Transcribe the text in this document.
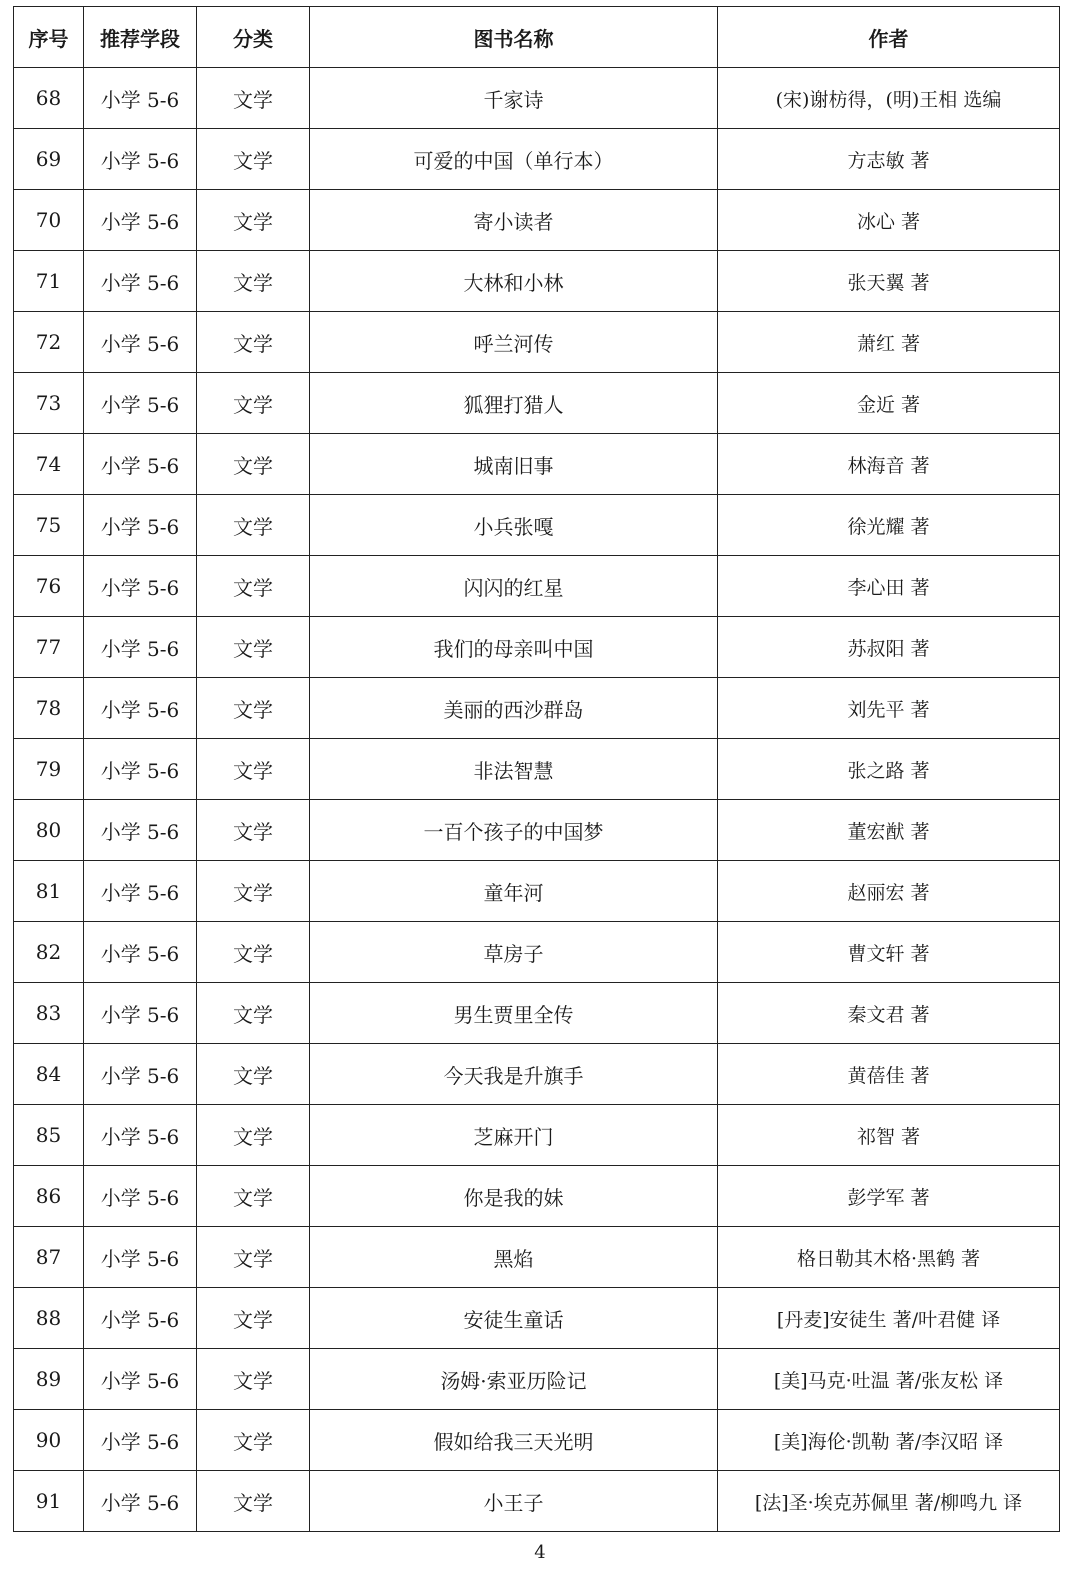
序号	推荐学段	分类	图书名称	作者
68	小学 5-6	文学	千家诗	(宋)谢枋得，(明)王相 选编
69	小学 5-6	文学	可爱的中国（单行本）	方志敏 著
70	小学 5-6	文学	寄小读者	冰心 著
71	小学 5-6	文学	大林和小林	张天翼 著
72	小学 5-6	文学	呼兰河传	萧红 著
73	小学 5-6	文学	狐狸打猎人	金近 著
74	小学 5-6	文学	城南旧事	林海音 著
75	小学 5-6	文学	小兵张嘎	徐光耀 著
76	小学 5-6	文学	闪闪的红星	李心田 著
77	小学 5-6	文学	我们的母亲叫中国	苏叔阳 著
78	小学 5-6	文学	美丽的西沙群岛	刘先平 著
79	小学 5-6	文学	非法智慧	张之路 著
80	小学 5-6	文学	一百个孩子的中国梦	董宏猷 著
81	小学 5-6	文学	童年河	赵丽宏 著
82	小学 5-6	文学	草房子	曹文轩 著
83	小学 5-6	文学	男生贾里全传	秦文君 著
84	小学 5-6	文学	今天我是升旗手	黄蓓佳 著
85	小学 5-6	文学	芝麻开门	祁智 著
86	小学 5-6	文学	你是我的妹	彭学军 著
87	小学 5-6	文学	黑焰	格日勒其木格·黑鹤 著
88	小学 5-6	文学	安徒生童话	[丹麦]安徒生 著/叶君健 译
89	小学 5-6	文学	汤姆·索亚历险记	[美]马克·吐温 著/张友松 译
90	小学 5-6	文学	假如给我三天光明	[美]海伦·凯勒 著/李汉昭 译
91	小学 5-6	文学	小王子	[法]圣·埃克苏佩里 著/柳鸣九 译
4
